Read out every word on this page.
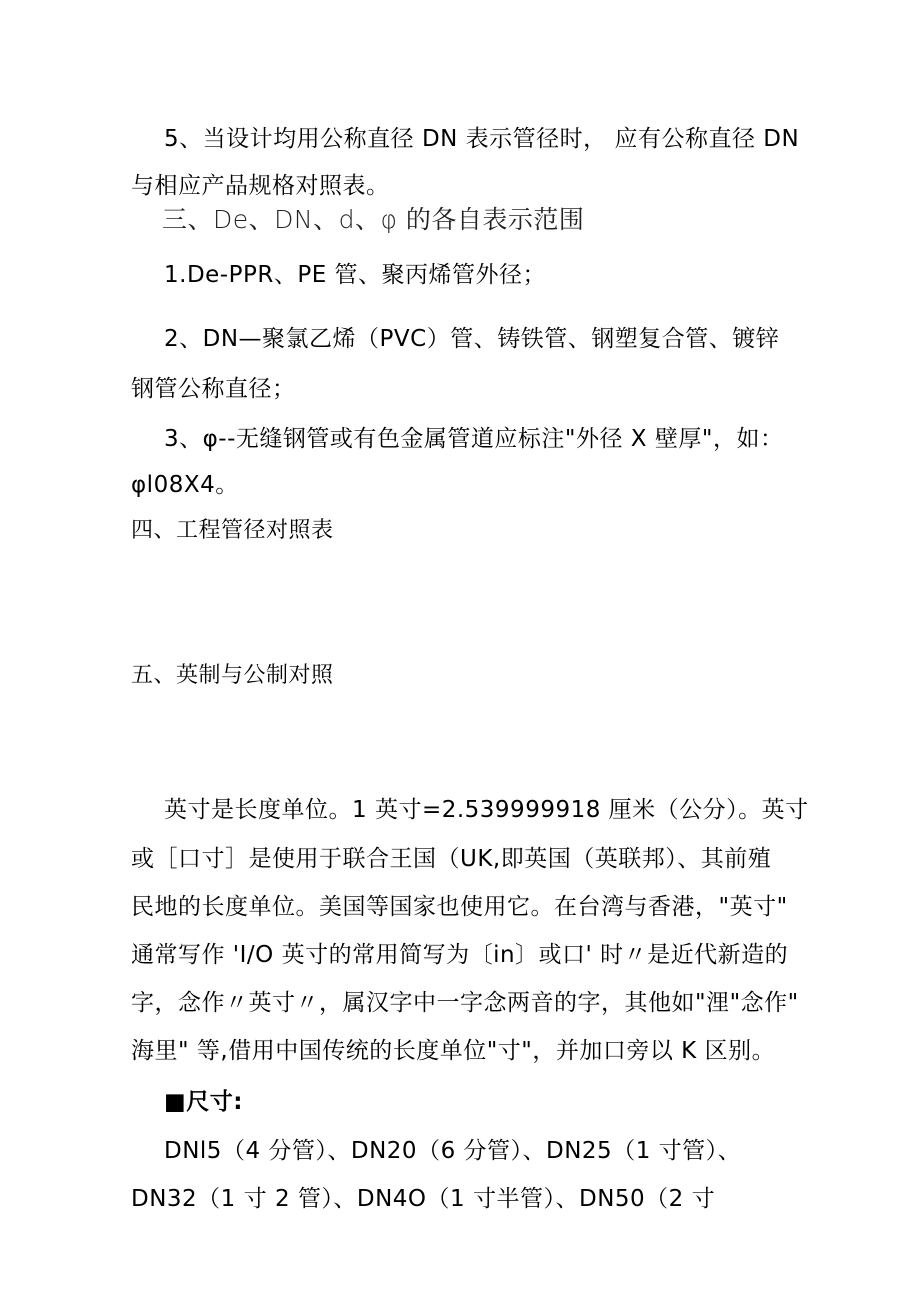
5、当设计均用公称直径 DN 表示管径时， 应有公称直径 DN
与相应产品规格对照表。
三、De、DN、d、φ 的各自表示范围
1.De-PPR、PE 管、聚丙烯管外径；
2、DN—聚氯乙烯（PVC）管、铸铁管、钢塑复合管、镀锌
钢管公称直径；
3、φ--无缝钢管或有色金属管道应标注"外径 X 壁厚"，如：
φl08X4。
四、工程管径对照表
五、英制与公制对照
英寸是长度单位。1 英寸=2.539999918 厘米（公分）。英寸
或［口寸］是使用于联合王国（UK,即英国（英联邦）、其前殖
民地的长度单位。美国等国家也使用它。在台湾与香港，"英寸"
通常写作 'I/O 英寸的常用简写为〔in〕或口' 时〃是近代新造的
字，念作〃英寸〃，属汉字中一字念两音的字，其他如"浬"念作"
海里" 等,借用中国传统的长度单位"寸"，并加口旁以 K 区别。
■尺寸:
DNl5（4 分管）、DN20（6 分管）、DN25（1 寸管）、
DN32（1 寸 2 管）、DN4O（1 寸半管）、DN50（2 寸
